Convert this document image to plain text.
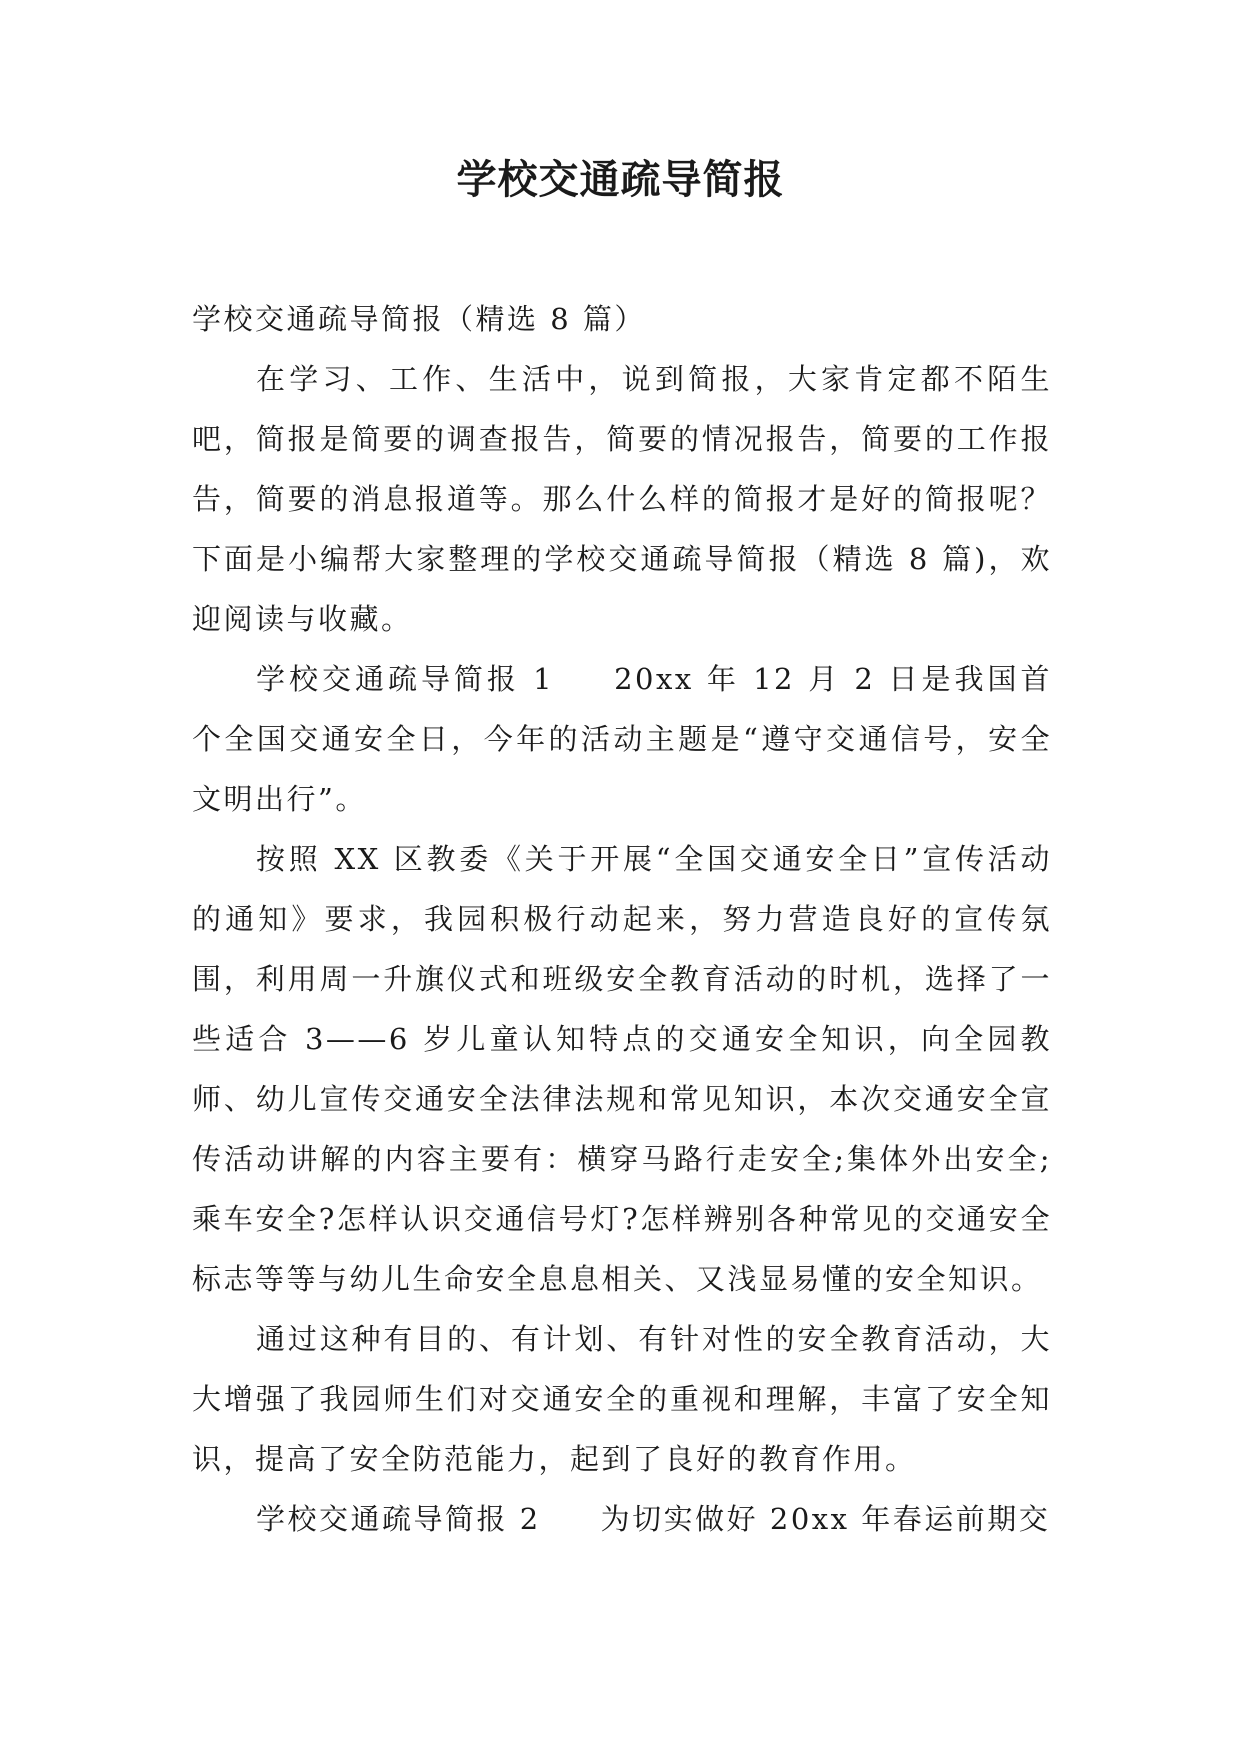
学校交通疏导简报

学校交通疏导简报（精选 8 篇）

在学习、工作、生活中，说到简报，大家肯定都不陌生吧，简报是简要的调查报告，简要的情况报告，简要的工作报告，简要的消息报道等。那么什么样的简报才是好的简报呢？下面是小编帮大家整理的学校交通疏导简报（精选 8 篇)，欢迎阅读与收藏。

学校交通疏导简报 1 20xx 年 12 月 2 日是我国首个全国交通安全日，今年的活动主题是“遵守交通信号，安全文明出行”。

按照 XX 区教委《关于开展“全国交通安全日”宣传活动的通知》要求，我园积极行动起来，努力营造良好的宣传氛围，利用周一升旗仪式和班级安全教育活动的时机，选择了一些适合 3——6 岁儿童认知特点的交通安全知识，向全园教师、幼儿宣传交通安全法律法规和常见知识，本次交通安全宣传活动讲解的内容主要有：横穿马路行走安全;集体外出安全;乘车安全?怎样认识交通信号灯?怎样辨别各种常见的交通安全标志等等与幼儿生命安全息息相关、又浅显易懂的安全知识。

通过这种有目的、有计划、有针对性的安全教育活动，大大增强了我园师生们对交通安全的重视和理解，丰富了安全知识，提高了安全防范能力，起到了良好的教育作用。

学校交通疏导简报 2 为切实做好 20xx 年春运前期交
